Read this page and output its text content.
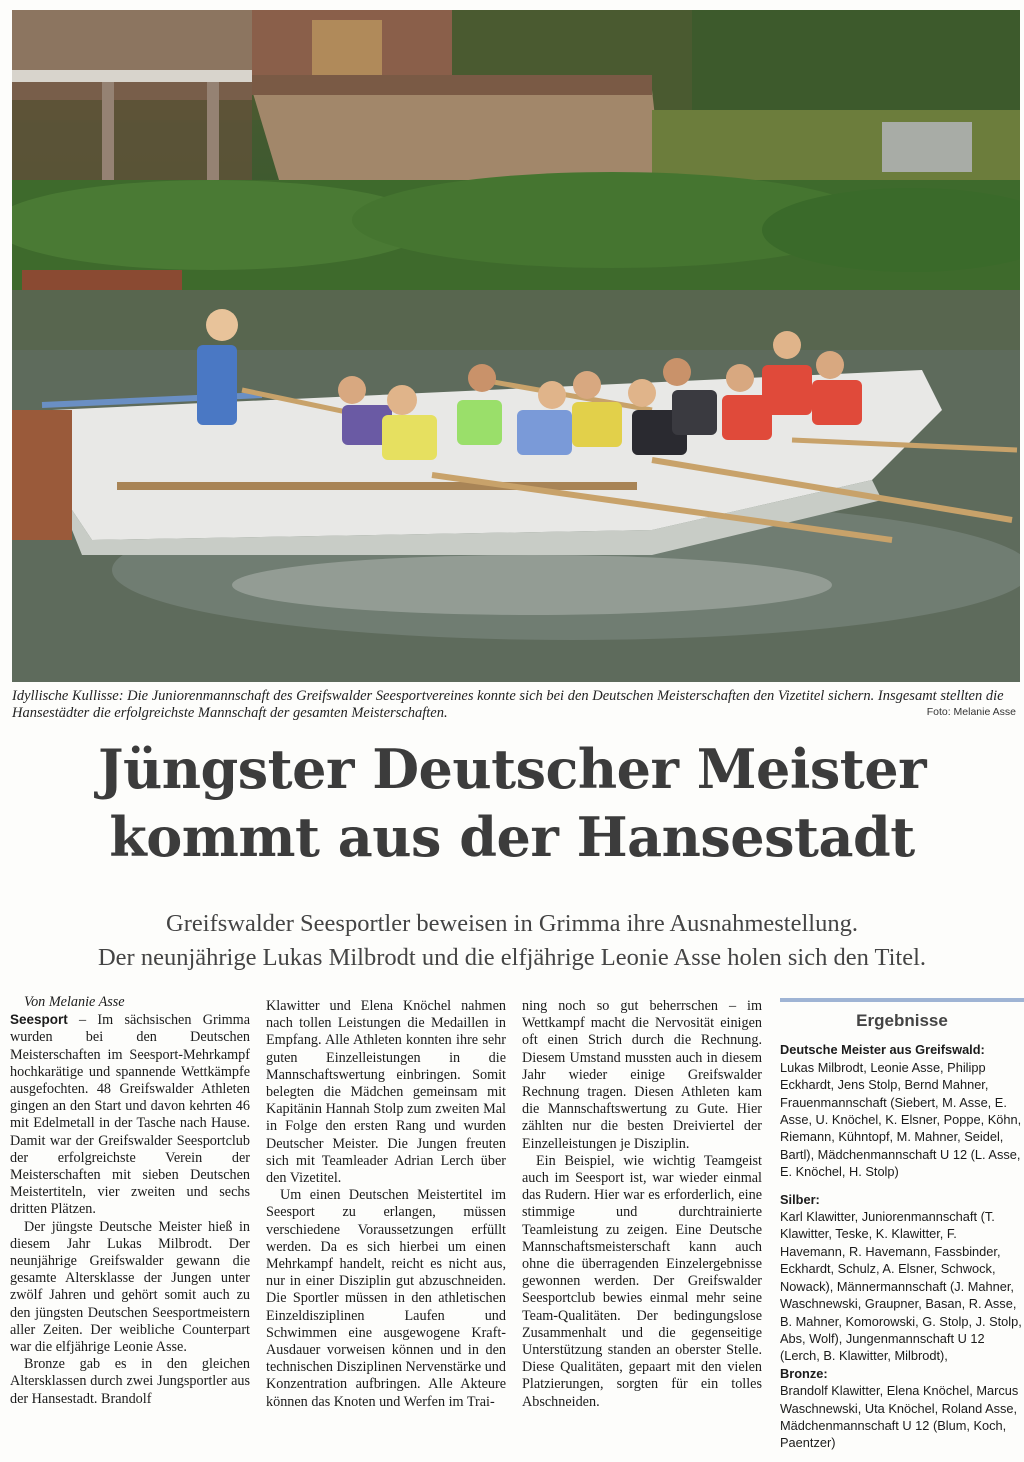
Idyllische Kullisse: Die Juniorenmannschaft des Greifswalder Seesportvereines konnte sich bei den Deutschen Meisterschaften den Vizetitel sichern. Insgesamt stellten die Hansestädter die erfolgreichste Mannschaft der gesamten Meisterschaften.	Foto: Melanie Asse
Jüngster Deutscher Meister
kommt aus der Hansestadt
Greifswalder Seesportler beweisen in Grimma ihre Ausnahmestellung.
Der neunjährige Lukas Milbrodt und die elfjährige Leonie Asse holen sich den Titel.

Von Melanie Asse

Seesport – Im sächsischen Grimma wurden bei den Deutschen Meisterschaften im Seesport-Mehrkampf hochkarätige und spannende Wettkämpfe ausgefochten. 48 Greifswalder Athleten gingen an den Start und davon kehrten 46 mit Edelmetall in der Tasche nach Hause. Damit war der Greifswalder Seesportclub der erfolgreichste Verein der Meisterschaften mit sieben Deutschen Meistertiteln, vier zweiten und sechs dritten Plätzen.

Der jüngste Deutsche Meister hieß in diesem Jahr Lukas Milbrodt. Der neunjährige Greifswalder gewann die gesamte Altersklasse der Jungen unter zwölf Jahren und gehört somit auch zu den jüngsten Deutschen Seesportmeistern aller Zeiten. Der weibliche Counterpart war die elfjährige Leonie Asse.

Bronze gab es in den gleichen Altersklassen durch zwei Jungsportler aus der Hansestadt. Brandolf

Klawitter und Elena Knöchel nahmen nach tollen Leistungen die Medaillen in Empfang. Alle Athleten konnten ihre sehr guten Einzelleistungen in die Mannschaftswertung einbringen. Somit belegten die Mädchen gemeinsam mit Kapitänin Hannah Stolp zum zweiten Mal in Folge den ersten Rang und wurden Deutscher Meister. Die Jungen freuten sich mit Teamleader Adrian Lerch über den Vizetitel.

Um einen Deutschen Meistertitel im Seesport zu erlangen, müssen verschiedene Voraussetzungen erfüllt werden. Da es sich hierbei um einen Mehrkampf handelt, reicht es nicht aus, nur in einer Disziplin gut abzuschneiden. Die Sportler müssen in den athletischen Einzeldisziplinen Laufen und Schwimmen eine ausgewogene Kraft-Ausdauer vorweisen können und in den technischen Disziplinen Nervenstärke und Konzentration aufbringen. Alle Akteure können das Knoten und Werfen im Trai-

ning noch so gut beherrschen – im Wettkampf macht die Nervosität einigen oft einen Strich durch die Rechnung. Diesem Umstand mussten auch in diesem Jahr wieder einige Greifswalder Rechnung tragen. Diesen Athleten kam die Mannschaftswertung zu Gute. Hier zählten nur die besten Dreiviertel der Einzelleistungen je Disziplin.

Ein Beispiel, wie wichtig Teamgeist auch im Seesport ist, war wieder einmal das Rudern. Hier war es erforderlich, eine stimmige und durchtrainierte Teamleistung zu zeigen. Eine Deutsche Mannschaftsmeisterschaft kann auch ohne die überragenden Einzelergebnisse gewonnen werden. Der Greifswalder Seesportclub bewies einmal mehr seine Team-Qualitäten. Der bedingungslose Zusammenhalt und die gegenseitige Unterstützung standen an oberster Stelle. Diese Qualitäten, gepaart mit den vielen Platzierungen, sorgten für ein tolles Abschneiden.

Ergebnisse
Deutsche Meister aus Greifswald:
Lukas Milbrodt, Leonie Asse, Philipp Eckhardt, Jens Stolp, Bernd Mahner, Frauenmannschaft (Siebert, M. Asse, E. Asse, U. Knöchel, K. Elsner, Poppe, Köhn, Riemann, Kühntopf, M. Mahner, Seidel, Bartl), Mädchenmannschaft U 12 (L. Asse, E. Knöchel, H. Stolp)
Silber:
Karl Klawitter, Juniorenmannschaft (T. Klawitter, Teske, K. Klawitter, F. Havemann, R. Havemann, Fassbinder, Eckhardt, Schulz, A. Elsner, Schwock, Nowack), Männermannschaft (J. Mahner, Waschnewski, Graupner, Basan, R. Asse, B. Mahner, Komorowski, G. Stolp, J. Stolp, Abs, Wolf), Jungenmannschaft U 12 (Lerch, B. Klawitter, Milbrodt),
Bronze:
Brandolf Klawitter, Elena Knöchel, Marcus Waschnewski, Uta Knöchel, Roland Asse, Mädchenmannschaft U 12 (Blum, Koch, Paentzer)
